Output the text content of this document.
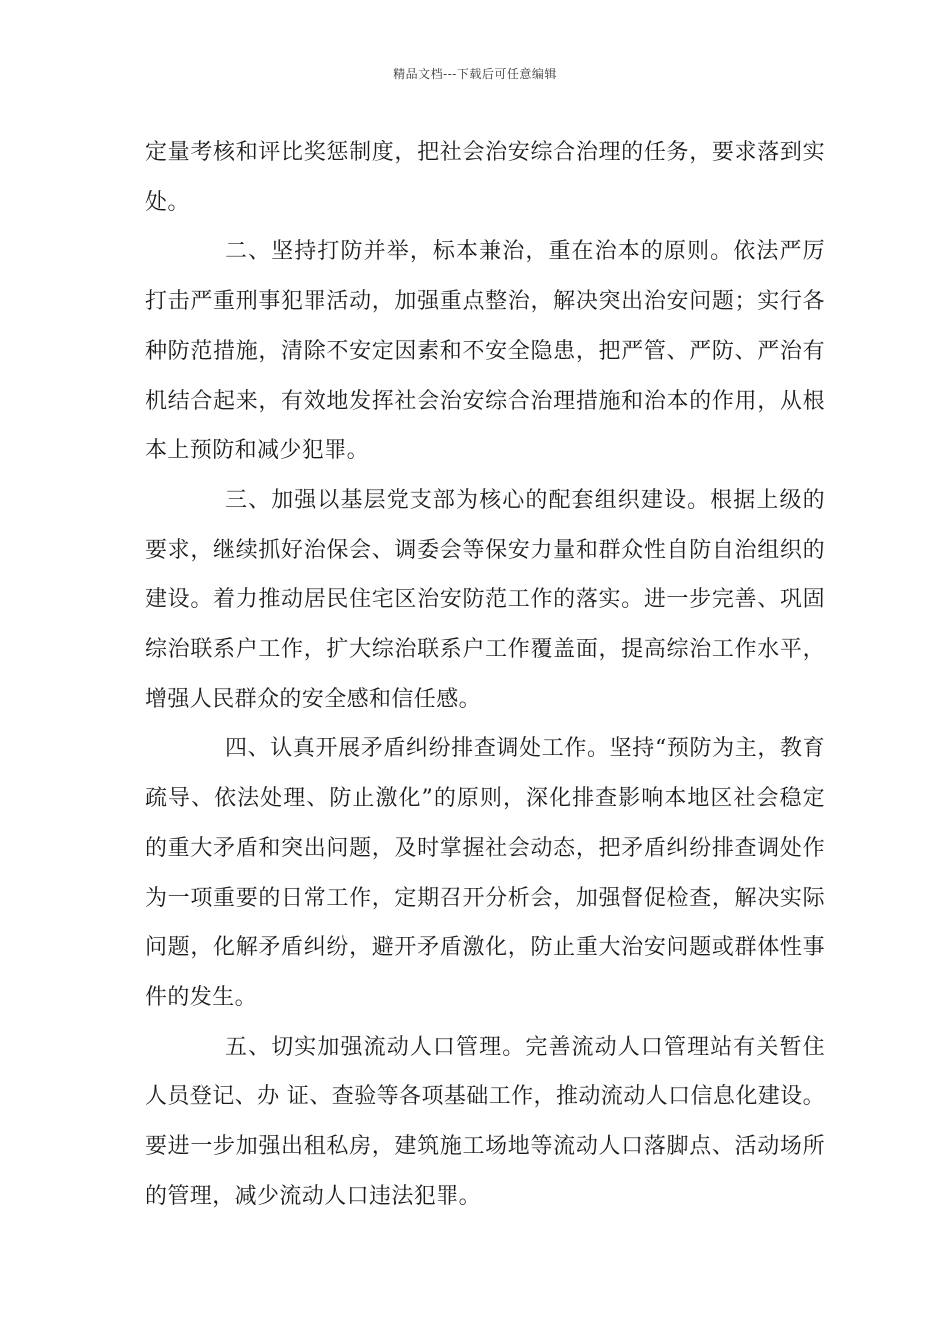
精品文档---下载后可任意编辑

定量考核和评比奖惩制度，把社会治安综合治理的任务，要求落到实处。

二、坚持打防并举，标本兼治，重在治本的原则。依法严厉打击严重刑事犯罪活动，加强重点整治，解决突出治安问题；实行各种防范措施，清除不安定因素和不安全隐患，把严管、严防、严治有机结合起来，有效地发挥社会治安综合治理措施和治本的作用，从根本上预防和减少犯罪。

三、加强以基层党支部为核心的配套组织建设。根据上级的要求，继续抓好治保会、调委会等保安力量和群众性自防自治组织的建设。着力推动居民住宅区治安防范工作的落实。进一步完善、巩固综治联系户工作，扩大综治联系户工作覆盖面，提高综治工作水平，增强人民群众的安全感和信任感。

四、认真开展矛盾纠纷排查调处工作。坚持“预防为主，教育疏导、依法处理、防止激化”的原则，深化排查影响本地区社会稳定的重大矛盾和突出问题，及时掌握社会动态，把矛盾纠纷排查调处作为一项重要的日常工作，定期召开分析会，加强督促检查，解决实际问题，化解矛盾纠纷，避开矛盾激化，防止重大治安问题或群体性事件的发生。

五、切实加强流动人口管理。完善流动人口管理站有关暂住人员登记、办 证、查验等各项基础工作，推动流动人口信息化建设。要进一步加强出租私房，建筑施工场地等流动人口落脚点、活动场所的管理，减少流动人口违法犯罪。
